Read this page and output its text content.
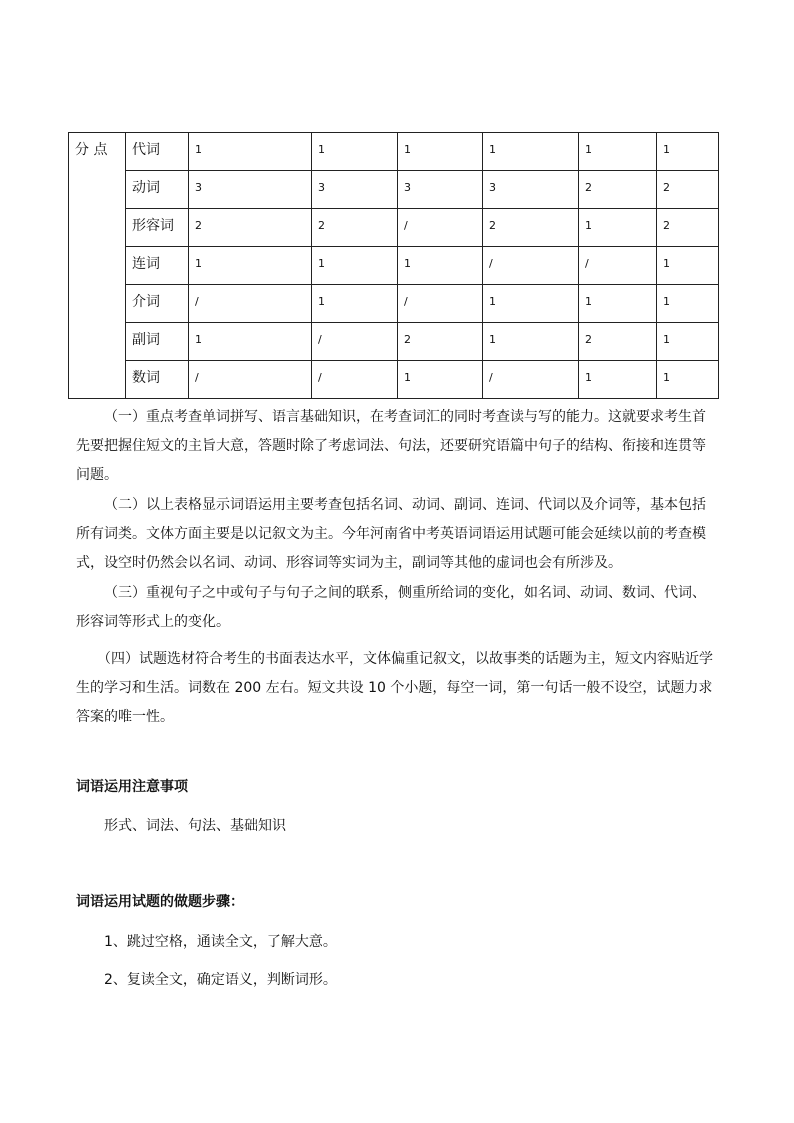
分 点	代词	1	1	1	1	1	1
	动词	3	3	3	3	2	2
	形容词	2	2	/	2	1	2
	连词	1	1	1	/	/	1
	介词	/	1	/	1	1	1
	副词	1	/	2	1	2	1
	数词	/	/	1	/	1	1

（一）重点考查单词拼写、语言基础知识，在考查词汇的同时考查读与写的能力。这就要求考生首先要把握住短文的主旨大意，答题时除了考虑词法、句法，还要研究语篇中句子的结构、衔接和连贯等问题。

（二）以上表格显示词语运用主要考查包括名词、动词、副词、连词、代词以及介词等，基本包括所有词类。文体方面主要是以记叙文为主。今年河南省中考英语词语运用试题可能会延续以前的考查模式，设空时仍然会以名词、动词、形容词等实词为主，副词等其他的虚词也会有所涉及。

（三）重视句子之中或句子与句子之间的联系，侧重所给词的变化，如名词、动词、数词、代词、形容词等形式上的变化。

（四）试题选材符合考生的书面表达水平，文体偏重记叙文，以故事类的话题为主，短文内容贴近学生的学习和生活。词数在 200 左右。短文共设 10 个小题，每空一词，第一句话一般不设空，试题力求答案的唯一性。

词语运用注意事项

形式、词法、句法、基础知识

词语运用试题的做题步骤：

1、跳过空格，通读全文，了解大意。

2、复读全文，确定语义，判断词形。
